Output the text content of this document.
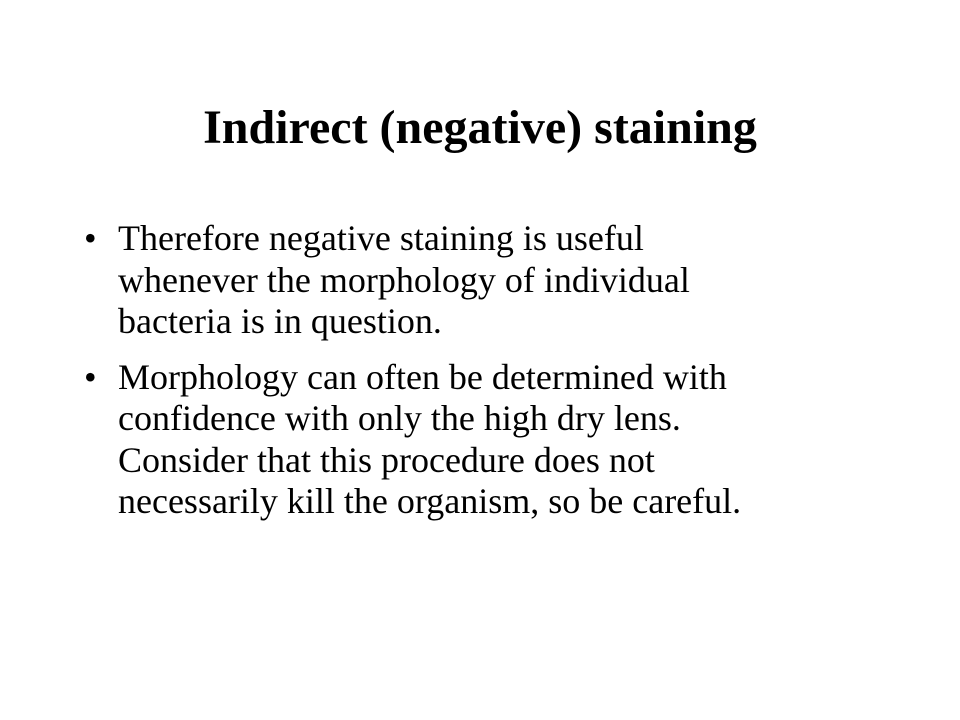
Indirect (negative) staining
• Therefore negative staining is useful
whenever the morphology of individual
bacteria is in question.
• Morphology can often be determined with
confidence with only the high dry lens.
Consider that this procedure does not
necessarily kill the organism, so be careful.
